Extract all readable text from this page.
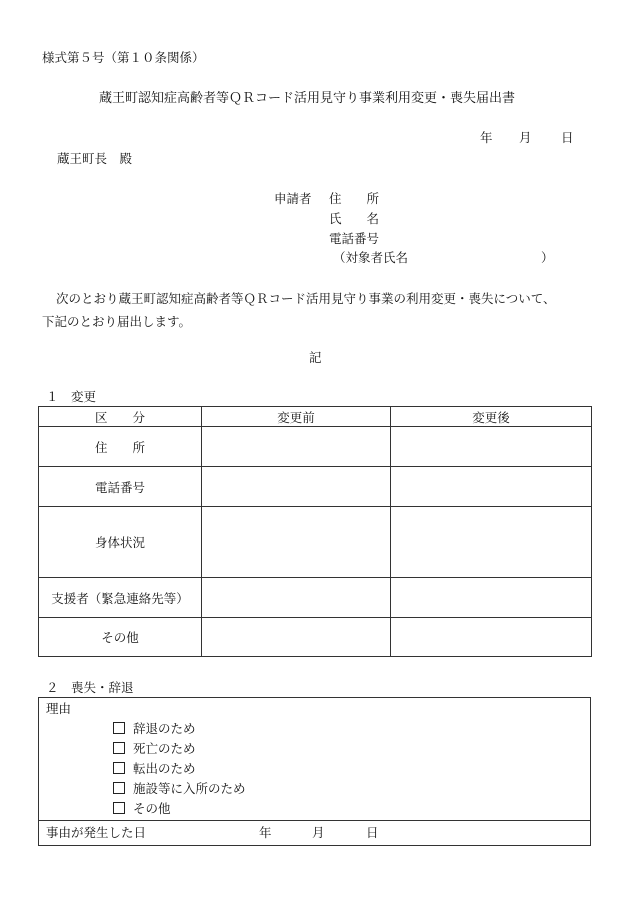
様式第５号（第１０条関係）
蔵王町認知症高齢者等ＱＲコード活用見守り事業利用変更・喪失届出書
年 月 日
蔵王町長　殿
申請者 住　　所
氏　　名
電話番号
（対象者氏名	）

次のとおり蔵王町認知症高齢者等ＱＲコード活用見守り事業の利用変更・喪失について、

下記のとおり届出します。

記
１　変更
区　　分	変更前	変更後
住　　所		
電話番号		
身体状況		
支援者（緊急連絡先等）		
その他		
２　喪失・辞退
理由
辞退のため
死亡のため
転出のため
施設等に入所のため
その他
事由が発生した日	年	月	日
